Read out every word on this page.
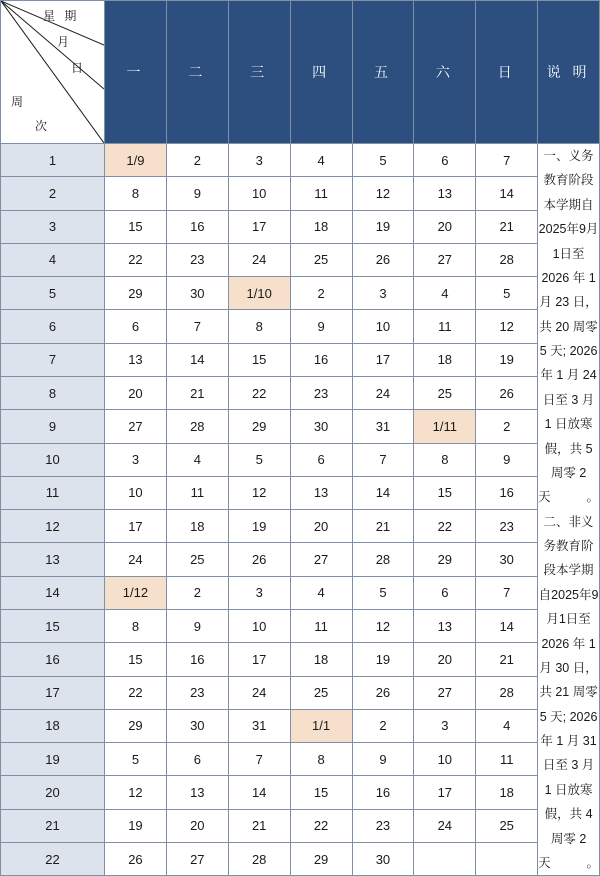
星 期
月
日
周
次	一	二	三	四	五	六	日	说 明
1	1/9	2	3	4	5	6	7	一、义务教育阶段本学期自2025年9月1日至 2026 年 1 月 23 日，共 20 周零 5 天; 2026 年 1 月 24 日至 3 月 1 日放寒假，共 5 周零 2 天。

二、非义务教育阶段本学期自2025年9月1日至 2026 年 1 月 30 日，共 21 周零 5 天; 2026 年 1 月 31 日至 3 月 1 日放寒假，共 4 周零 2 天。

2	8	9	10	11	12	13	14	
3	15	16	17	18	19	20	21	
4	22	23	24	25	26	27	28	
5	29	30	1/10	2	3	4	5	
6	6	7	8	9	10	11	12	
7	13	14	15	16	17	18	19	
8	20	21	22	23	24	25	26	
9	27	28	29	30	31	1/11	2	
10	3	4	5	6	7	8	9	
11	10	11	12	13	14	15	16	
12	17	18	19	20	21	22	23	
13	24	25	26	27	28	29	30	
14	1/12	2	3	4	5	6	7	
15	8	9	10	11	12	13	14	
16	15	16	17	18	19	20	21	
17	22	23	24	25	26	27	28	
18	29	30	31	1/1	2	3	4	
19	5	6	7	8	9	10	11	
20	12	13	14	15	16	17	18	
21	19	20	21	22	23	24	25	
22	26	27	28	29	30			
